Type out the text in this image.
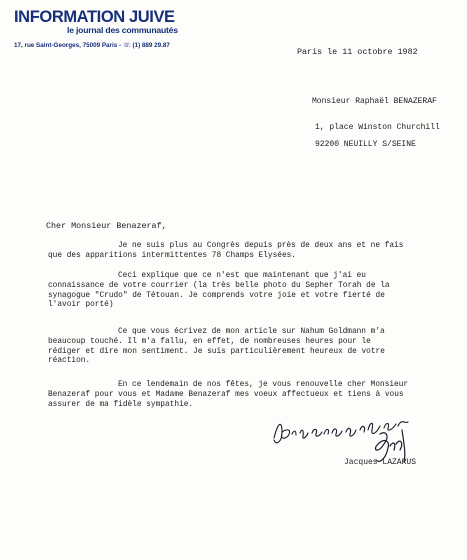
INFORMATION JUIVE
le journal des communautés
17, rue Saint-Georges, 75009 Paris - ☏ (1) 889 29.87
Paris le 11 octobre 1982
Monsieur Raphaël BENAZERAF
1, place Winston Churchill
92200 NEUILLY S/SEINE
Cher Monsieur Benazeraf,
Je ne suis plus au Congrès depuis près de deux ans et ne fais
que des apparitions intermittentes 78 Champs Elysées.
Ceci explique que ce n'est que maintenant que j'ai eu
connaissance de votre courrier (la très belle photo du Sepher Torah de la
synagogue "Crudo" de Tétouan. Je comprends votre joie et votre fierté de
l'avoir porté)
Ce que vous écrivez de mon article sur Nahum Goldmann m'a
beaucoup touché. Il m'a fallu, en effet, de nombreuses heures pour le
rédiger et dire mon sentiment. Je suis particulièrement heureux de votre
réaction.
En ce lendemain de nos fêtes, je vous renouvelle cher Monsieur
Benazeraf pour vous et Madame Benazeraf mes voeux affectueux et tiens à vous
assurer de ma fidèle sympathie.
Jacques LAZARUS
